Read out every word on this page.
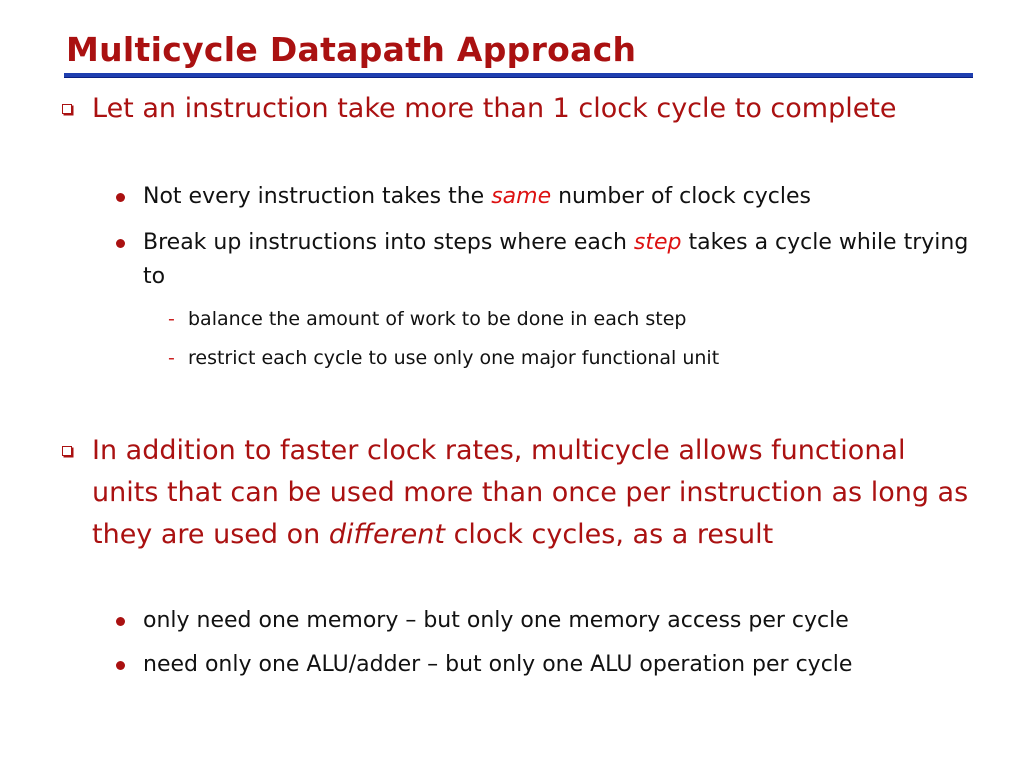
Multicycle Datapath Approach
Let an instruction take more than 1 clock cycle to complete
Not every instruction takes the same number of clock cycles
Break up instructions into steps where each step takes a cycle while trying to
- balance the amount of work to be done in each step
- restrict each cycle to use only one major functional unit
In addition to faster clock rates, multicycle allows functional units that can be used more than once per instruction as long as they are used on different clock cycles, as a result
only need one memory – but only one memory access per cycle
need only one ALU/adder – but only one ALU operation per cycle
